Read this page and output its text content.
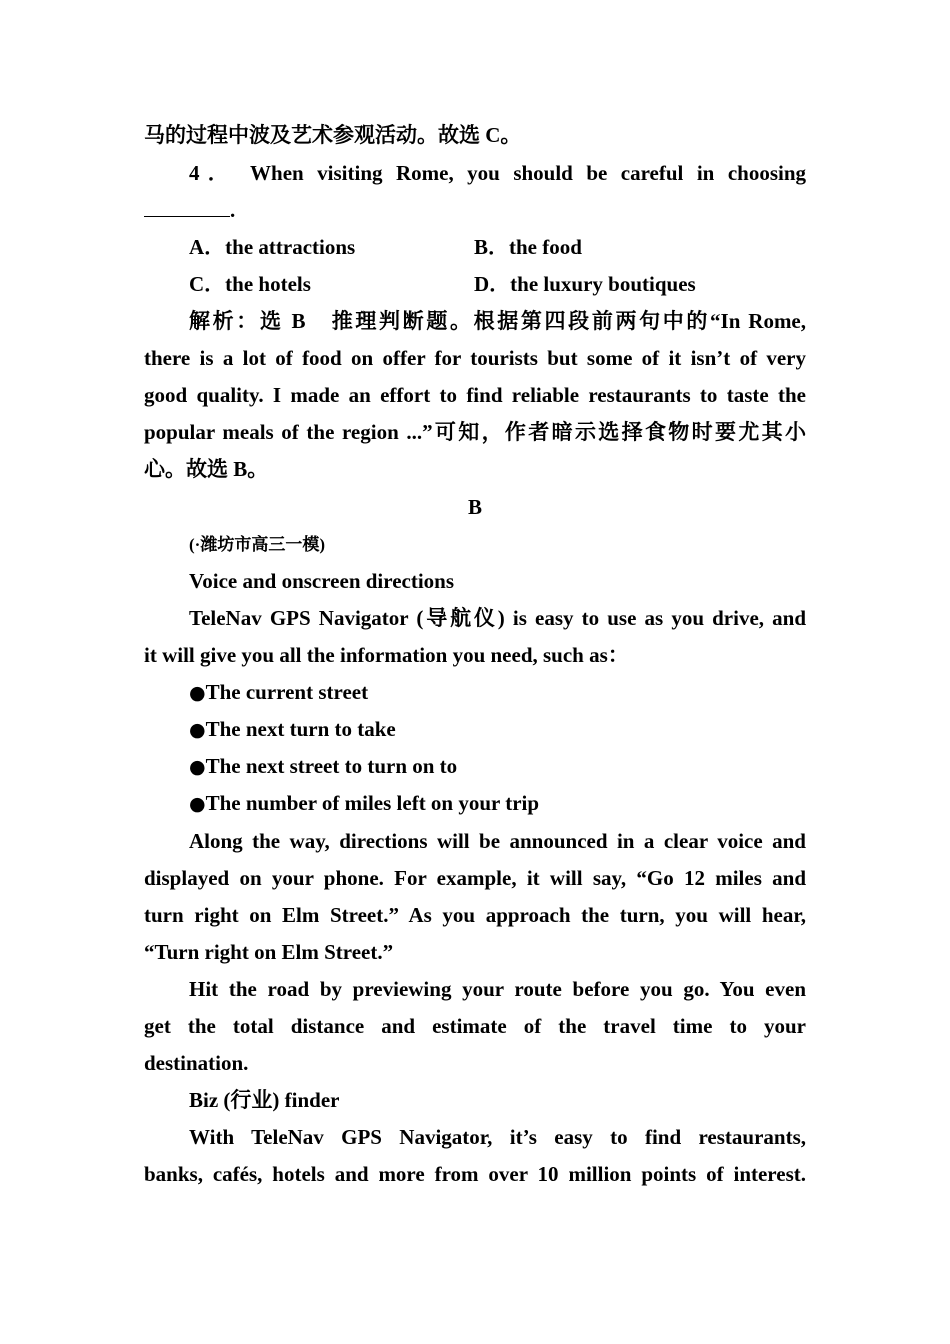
马的过程中波及艺术参观活动。故选 C。
4． When visiting Rome, you should be careful in choosing
.
A．the attractions	B．the food
C．the hotels	D．the luxury boutiques
解析：选 B　推理判断题。根据第四段前两句中的“In Rome,
there is a lot of food on offer for tourists but some of it isn’t of very
good quality. I made an effort to find reliable restaurants to taste the
popular meals of the region ...”可知，作者暗示选择食物时要尤其小
心。故选 B。
B
(·潍坊市高三一模)
Voice and onscreen directions
TeleNav GPS Navigator (导航仪) is easy to use as you drive, and
it will give you all the information you need, such as：
●The current street
●The next turn to take
●The next street to turn on to
●The number of miles left on your trip
Along the way, directions will be announced in a clear voice and
displayed on your phone. For example, it will say, “Go 12 miles and
turn right on Elm Street.” As you approach the turn, you will hear,
“Turn right on Elm Street.”
Hit the road by previewing your route before you go. You even
get the total distance and estimate of the travel time to your
destination.
Biz (行业) finder
With TeleNav GPS Navigator, it’s easy to find restaurants,
banks, cafés, hotels and more from over 10 million points of interest.
